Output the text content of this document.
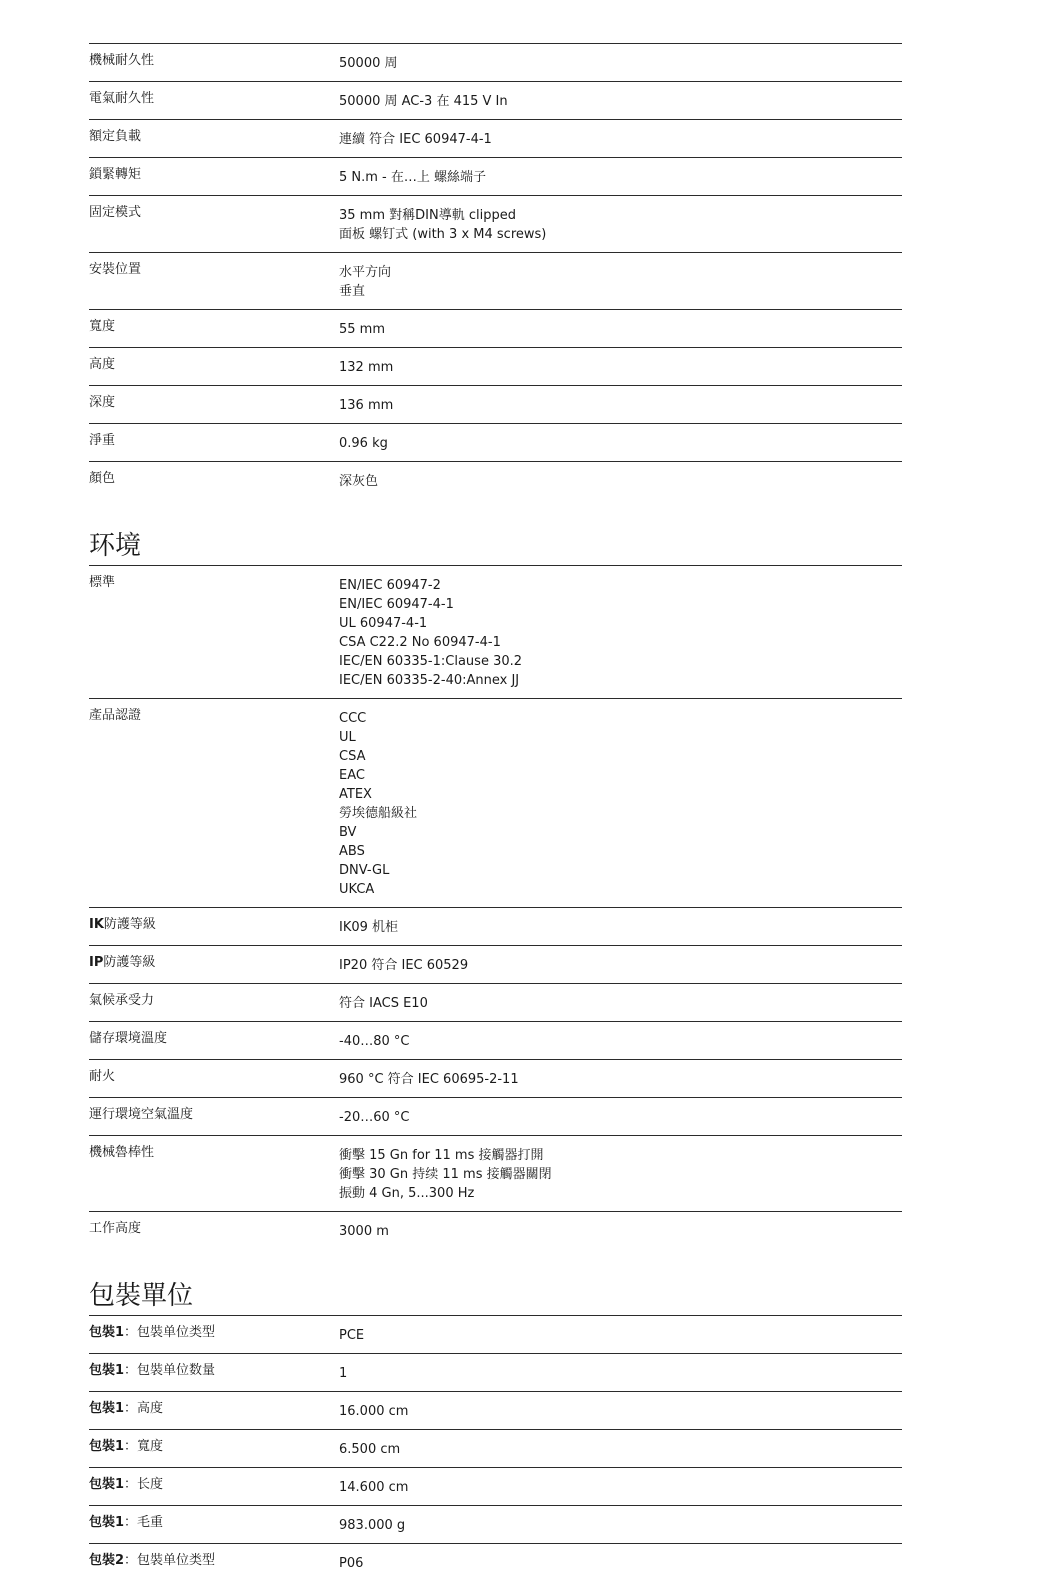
機械耐久性	50000 周
電氣耐久性	50000 周 AC-3 在 415 V In
額定負載	連續 符合 IEC 60947-4-1
鎖緊轉矩	5 N.m - 在…上 螺絲端子
固定模式	35 mm 對稱DIN導軌 clipped
面板 螺钉式 (with 3 x M4 screws)
安裝位置	水平方向
垂直
寬度	55 mm
高度	132 mm
深度	136 mm
淨重	0.96 kg
顏色	深灰色
环境
標準	EN/IEC 60947-2
EN/IEC 60947-4-1
UL 60947-4-1
CSA C22.2 No 60947-4-1
IEC/EN 60335-1:Clause 30.2
IEC/EN 60335-2-40:Annex JJ
產品認證	CCC
UL
CSA
EAC
ATEX
勞埃德船級社
BV
ABS
DNV-GL
UKCA
IK防護等級	IK09 机柜
IP防護等級	IP20 符合 IEC 60529
氣候承受力	符合 IACS E10
儲存環境溫度	-40…80 °C
耐火	960 °C 符合 IEC 60695-2-11
運行環境空氣溫度	-20…60 °C
機械魯棒性	衝擊 15 Gn for 11 ms 接觸器打開
衝擊 30 Gn 持续 11 ms 接觸器關閉
振動 4 Gn, 5...300 Hz
工作高度	3000 m
包裝單位
包裝1：包裝单位类型	PCE
包裝1：包裝单位数量	1
包裝1：高度	16.000 cm
包裝1：寬度	6.500 cm
包裝1：长度	14.600 cm
包裝1：毛重	983.000 g
包裝2：包裝单位类型	P06
